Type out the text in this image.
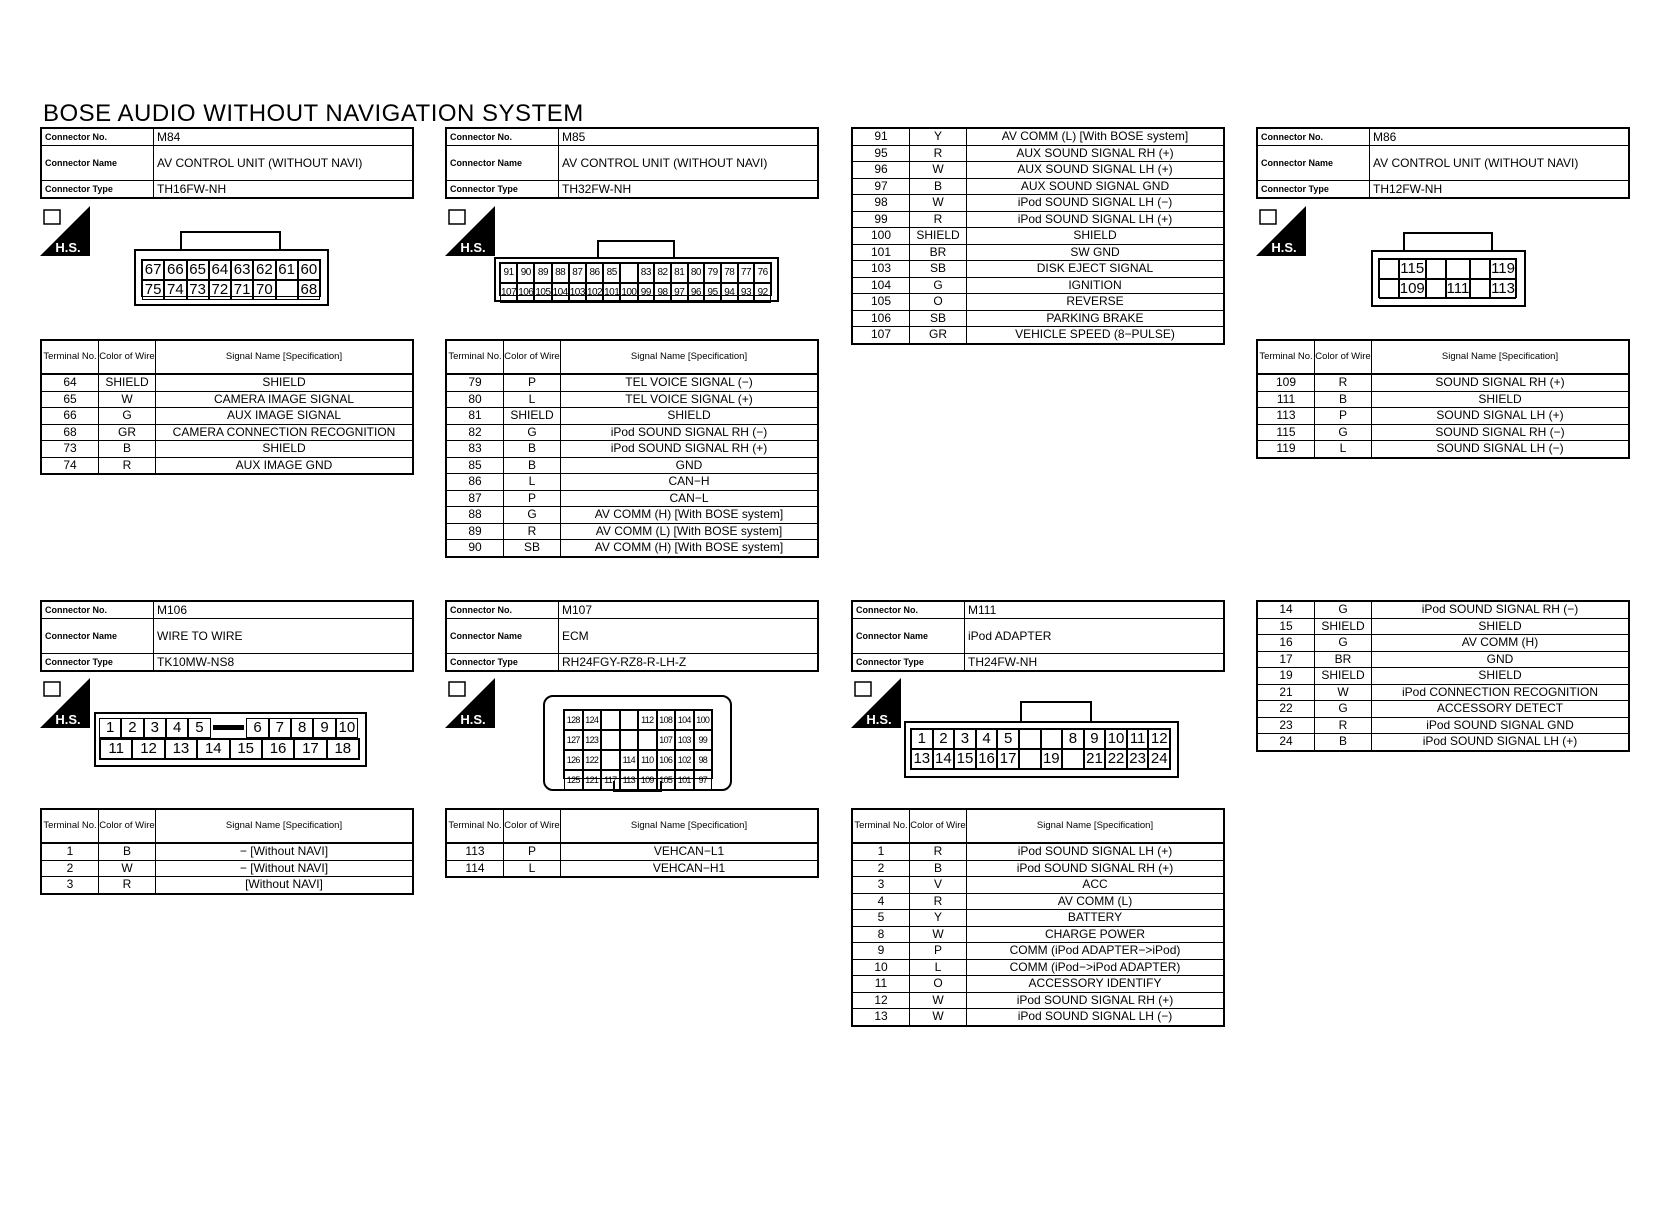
BOSE AUDIO WITHOUT NAVIGATION SYSTEM
Connector No.	M84
Connector Name	AV CONTROL UNIT (WITHOUT NAVI)
Connector Type	TH16FW-NH
H.S.
67 66 65 64 63 62 61 60
75 74 73 72 71 70 68
Terminal No.	Color of Wire	Signal Name [Specification]
64	SHIELD	SHIELD
65	W	CAMERA IMAGE SIGNAL
66	G	AUX IMAGE SIGNAL
68	GR	CAMERA CONNECTION RECOGNITION
73	B	SHIELD
74	R	AUX IMAGE GND
Connector No.	M85
Connector Name	AV CONTROL UNIT (WITHOUT NAVI)
Connector Type	TH32FW-NH
H.S.
91 90 89 88 87 86 85	83 82 81 80 79 78 77 76
107 106 105 104 103 102 101 100 99 98 97 96 95 94 93 92
Terminal No.	Color of Wire	Signal Name [Specification]
79	P	TEL VOICE SIGNAL (−)
80	L	TEL VOICE SIGNAL (+)
81	SHIELD	SHIELD
82	G	iPod SOUND SIGNAL RH (−)
83	B	iPod SOUND SIGNAL RH (+)
85	B	GND
86	L	CAN−H
87	P	CAN−L
88	G	AV COMM (H) [With BOSE system]
89	R	AV COMM (L) [With BOSE system]
90	SB	AV COMM (H) [With BOSE system]
91	Y	AV COMM (L) [With BOSE system]
95	R	AUX SOUND SIGNAL RH (+)
96	W	AUX SOUND SIGNAL LH (+)
97	B	AUX SOUND SIGNAL GND
98	W	iPod SOUND SIGNAL LH (−)
99	R	iPod SOUND SIGNAL LH (+)
100	SHIELD	SHIELD
101	BR	SW GND
103	SB	DISK EJECT SIGNAL
104	G	IGNITION
105	O	REVERSE
106	SB	PARKING BRAKE
107	GR	VEHICLE SPEED (8−PULSE)
Connector No.	M86
Connector Name	AV CONTROL UNIT (WITHOUT NAVI)
Connector Type	TH12FW-NH
H.S.
115	119
109 111 113
Terminal No.	Color of Wire	Signal Name [Specification]
109	R	SOUND SIGNAL RH (+)
111	B	SHIELD
113	P	SOUND SIGNAL LH (+)
115	G	SOUND SIGNAL RH (−)
119	L	SOUND SIGNAL LH (−)
Connector No.	M106
Connector Name	WIRE TO WIRE
Connector Type	TK10MW-NS8
H.S.	1 2 3 4 5	6 7 8 9 10
11	12	13	14	15	16	17	18
Terminal No.	Color of Wire	Signal Name [Specification]
1	B	− [Without NAVI]
2	W	− [Without NAVI]
3	R	[Without NAVI]
Connector No.	M107
Connector Name	ECM
Connector Type	RH24FGY-RZ8-R-LH-Z
H.S.	128 124	112 108 104 100
127 123	107 103 99
126 122	114 110 106 102 98
125 121 117 113 109 105 101 97
Terminal No.	Color of Wire	Signal Name [Specification]
113	P	VEHCAN−L1
114	L	VEHCAN−H1
Connector No.	M111
Connector Name	iPod ADAPTER
Connector Type	TH24FW-NH
H.S.
1 2 3 4 5	8 9 10 11 12
13 14 15 16 17 19 21 22 23 24
Terminal No.	Color of Wire	Signal Name [Specification]
1	R	iPod SOUND SIGNAL LH (+)
2	B	iPod SOUND SIGNAL RH (+)
3	V	ACC
4	R	AV COMM (L)
5	Y	BATTERY
8	W	CHARGE POWER
9	P	COMM (iPod ADAPTER−>iPod)
10	L	COMM (iPod−>iPod ADAPTER)
11	O	ACCESSORY IDENTIFY
12	W	iPod SOUND SIGNAL RH (+)
13	W	iPod SOUND SIGNAL LH (−)
14	G	iPod SOUND SIGNAL RH (−)
15	SHIELD	SHIELD
16	G	AV COMM (H)
17	BR	GND
19	SHIELD	SHIELD
21	W	iPod CONNECTION RECOGNITION
22	G	ACCESSORY DETECT
23	R	iPod SOUND SIGNAL GND
24	B	iPod SOUND SIGNAL LH (+)
